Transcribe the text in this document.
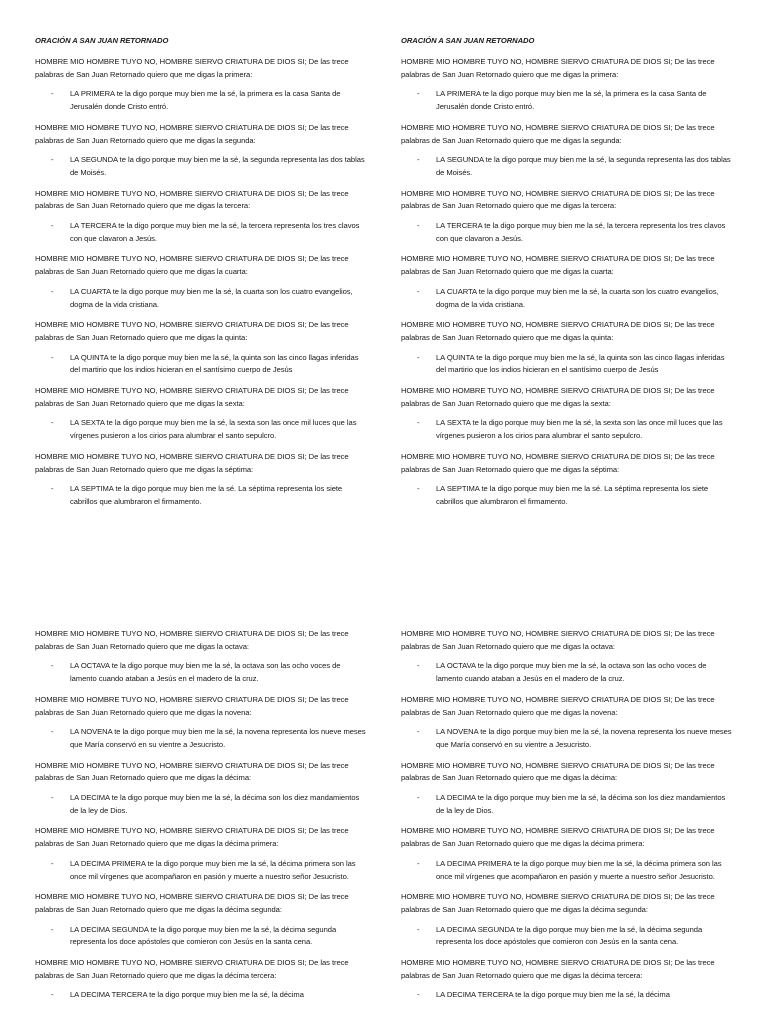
ORACIÓN A SAN JUAN RETORNADO
HOMBRE MIO HOMBRE TUYO NO, HOMBRE SIERVO CRIATURA DE DIOS SI; De las trece palabras de San Juan Retornado quiero que me digas la primera:
- LA PRIMERA te la digo porque muy bien me la sé, la primera es la casa Santa de Jerusalén donde Cristo entró.
HOMBRE MIO HOMBRE TUYO NO, HOMBRE SIERVO CRIATURA DE DIOS SI; De las trece palabras de San Juan Retornado quiero que me digas la segunda:
- LA SEGUNDA te la digo porque muy bien me la sé, la segunda representa las dos tablas de Moisés.
HOMBRE MIO HOMBRE TUYO NO, HOMBRE SIERVO CRIATURA DE DIOS SI; De las trece palabras de San Juan Retornado quiero que me digas la tercera:
- LA TERCERA te la digo porque muy bien me la sé, la tercera representa los tres clavos con que clavaron a Jesús.
HOMBRE MIO HOMBRE TUYO NO, HOMBRE SIERVO CRIATURA DE DIOS SI; De las trece palabras de San Juan Retornado quiero que me digas la cuarta:
- LA CUARTA te la digo porque muy bien me la sé, la cuarta son los cuatro evangelios, dogma de la vida cristiana.
HOMBRE MIO HOMBRE TUYO NO, HOMBRE SIERVO CRIATURA DE DIOS SI; De las trece palabras de San Juan Retornado quiero que me digas la quinta:
- LA QUINTA te la digo porque muy bien me la sé, la quinta son las cinco llagas inferidas del martirio que los indios hicieran en el santísimo cuerpo de Jesús
HOMBRE MIO HOMBRE TUYO NO, HOMBRE SIERVO CRIATURA DE DIOS SI; De las trece palabras de San Juan Retornado quiero que me digas la sexta:
- LA SEXTA te la digo porque muy bien me la sé, la sexta son las once mil luces que las vírgenes pusieron a los cirios para alumbrar el santo sepulcro.
HOMBRE MIO HOMBRE TUYO NO, HOMBRE SIERVO CRIATURA DE DIOS SI; De las trece palabras de San Juan Retornado quiero que me digas la séptima:
- LA SEPTIMA te la digo porque muy bien me la sé. La séptima representa los siete cabrillos que alumbraron el firmamento.
ORACIÓN A SAN JUAN RETORNADO
HOMBRE MIO HOMBRE TUYO NO, HOMBRE SIERVO CRIATURA DE DIOS SI; De las trece palabras de San Juan Retornado quiero que me digas la primera:
- LA PRIMERA te la digo porque muy bien me la sé, la primera es la casa Santa de Jerusalén donde Cristo entró.
HOMBRE MIO HOMBRE TUYO NO, HOMBRE SIERVO CRIATURA DE DIOS SI; De las trece palabras de San Juan Retornado quiero que me digas la segunda:
- LA SEGUNDA te la digo porque muy bien me la sé, la segunda representa las dos tablas de Moisés.
HOMBRE MIO HOMBRE TUYO NO, HOMBRE SIERVO CRIATURA DE DIOS SI; De las trece palabras de San Juan Retornado quiero que me digas la tercera:
- LA TERCERA te la digo porque muy bien me la sé, la tercera representa los tres clavos con que clavaron a Jesús.
HOMBRE MIO HOMBRE TUYO NO, HOMBRE SIERVO CRIATURA DE DIOS SI; De las trece palabras de San Juan Retornado quiero que me digas la cuarta:
- LA CUARTA te la digo porque muy bien me la sé, la cuarta son los cuatro evangelios, dogma de la vida cristiana.
HOMBRE MIO HOMBRE TUYO NO, HOMBRE SIERVO CRIATURA DE DIOS SI; De las trece palabras de San Juan Retornado quiero que me digas la quinta:
- LA QUINTA te la digo porque muy bien me la sé, la quinta son las cinco llagas inferidas del martirio que los indios hicieran en el santísimo cuerpo de Jesús
HOMBRE MIO HOMBRE TUYO NO, HOMBRE SIERVO CRIATURA DE DIOS SI; De las trece palabras de San Juan Retornado quiero que me digas la sexta:
- LA SEXTA te la digo porque muy bien me la sé, la sexta son las once mil luces que las vírgenes pusieron a los cirios para alumbrar el santo sepulcro.
HOMBRE MIO HOMBRE TUYO NO, HOMBRE SIERVO CRIATURA DE DIOS SI; De las trece palabras de San Juan Retornado quiero que me digas la séptima:
- LA SEPTIMA te la digo porque muy bien me la sé. La séptima representa los siete cabrillos que alumbraron el firmamento.
HOMBRE MIO HOMBRE TUYO NO, HOMBRE SIERVO CRIATURA DE DIOS SI; De las trece palabras de San Juan Retornado quiero que me digas la octava:
- LA OCTAVA te la digo porque muy bien me la sé, la octava son las ocho voces de lamento cuando ataban a Jesús en el madero de la cruz.
HOMBRE MIO HOMBRE TUYO NO, HOMBRE SIERVO CRIATURA DE DIOS SI; De las trece palabras de San Juan Retornado quiero que me digas la novena:
- LA NOVENA te la digo porque muy bien me la sé, la novena representa los nueve meses que María conservó en su vientre a Jesucristo.
HOMBRE MIO HOMBRE TUYO NO, HOMBRE SIERVO CRIATURA DE DIOS SI; De las trece palabras de San Juan Retornado quiero que me digas la décima:
- LA DECIMA te la digo porque muy bien me la sé, la décima son los diez mandamientos de la ley de Dios.
HOMBRE MIO HOMBRE TUYO NO, HOMBRE SIERVO CRIATURA DE DIOS SI; De las trece palabras de San Juan Retornado quiero que me digas la décima primera:
- LA DECIMA PRIMERA te la digo porque muy bien me la sé, la décima primera son las once mil vírgenes que acompañaron en pasión y muerte a nuestro señor Jesucristo.
HOMBRE MIO HOMBRE TUYO NO, HOMBRE SIERVO CRIATURA DE DIOS SI; De las trece palabras de San Juan Retornado quiero que me digas la décima segunda:
- LA DECIMA SEGUNDA te la digo porque muy bien me la sé, la décima segunda representa los doce apóstoles que comieron con Jesús en la santa cena.
HOMBRE MIO HOMBRE TUYO NO, HOMBRE SIERVO CRIATURA DE DIOS SI; De las trece palabras de San Juan Retornado quiero que me digas la décima tercera:
- LA DECIMA TERCERA te la digo porque muy bien me la sé, la décima
HOMBRE MIO HOMBRE TUYO NO, HOMBRE SIERVO CRIATURA DE DIOS SI; De las trece palabras de San Juan Retornado quiero que me digas la octava:
- LA OCTAVA te la digo porque muy bien me la sé, la octava son las ocho voces de lamento cuando ataban a Jesús en el madero de la cruz.
HOMBRE MIO HOMBRE TUYO NO, HOMBRE SIERVO CRIATURA DE DIOS SI; De las trece palabras de San Juan Retornado quiero que me digas la novena:
- LA NOVENA te la digo porque muy bien me la sé, la novena representa los nueve meses que María conservó en su vientre a Jesucristo.
HOMBRE MIO HOMBRE TUYO NO, HOMBRE SIERVO CRIATURA DE DIOS SI; De las trece palabras de San Juan Retornado quiero que me digas la décima:
- LA DECIMA te la digo porque muy bien me la sé, la décima son los diez mandamientos de la ley de Dios.
HOMBRE MIO HOMBRE TUYO NO, HOMBRE SIERVO CRIATURA DE DIOS SI; De las trece palabras de San Juan Retornado quiero que me digas la décima primera:
- LA DECIMA PRIMERA te la digo porque muy bien me la sé, la décima primera son las once mil vírgenes que acompañaron en pasión y muerte a nuestro señor Jesucristo.
HOMBRE MIO HOMBRE TUYO NO, HOMBRE SIERVO CRIATURA DE DIOS SI; De las trece palabras de San Juan Retornado quiero que me digas la décima segunda:
- LA DECIMA SEGUNDA te la digo porque muy bien me la sé, la décima segunda representa los doce apóstoles que comieron con Jesús en la santa cena.
HOMBRE MIO HOMBRE TUYO NO, HOMBRE SIERVO CRIATURA DE DIOS SI; De las trece palabras de San Juan Retornado quiero que me digas la décima tercera:
- LA DECIMA TERCERA te la digo porque muy bien me la sé, la décima
